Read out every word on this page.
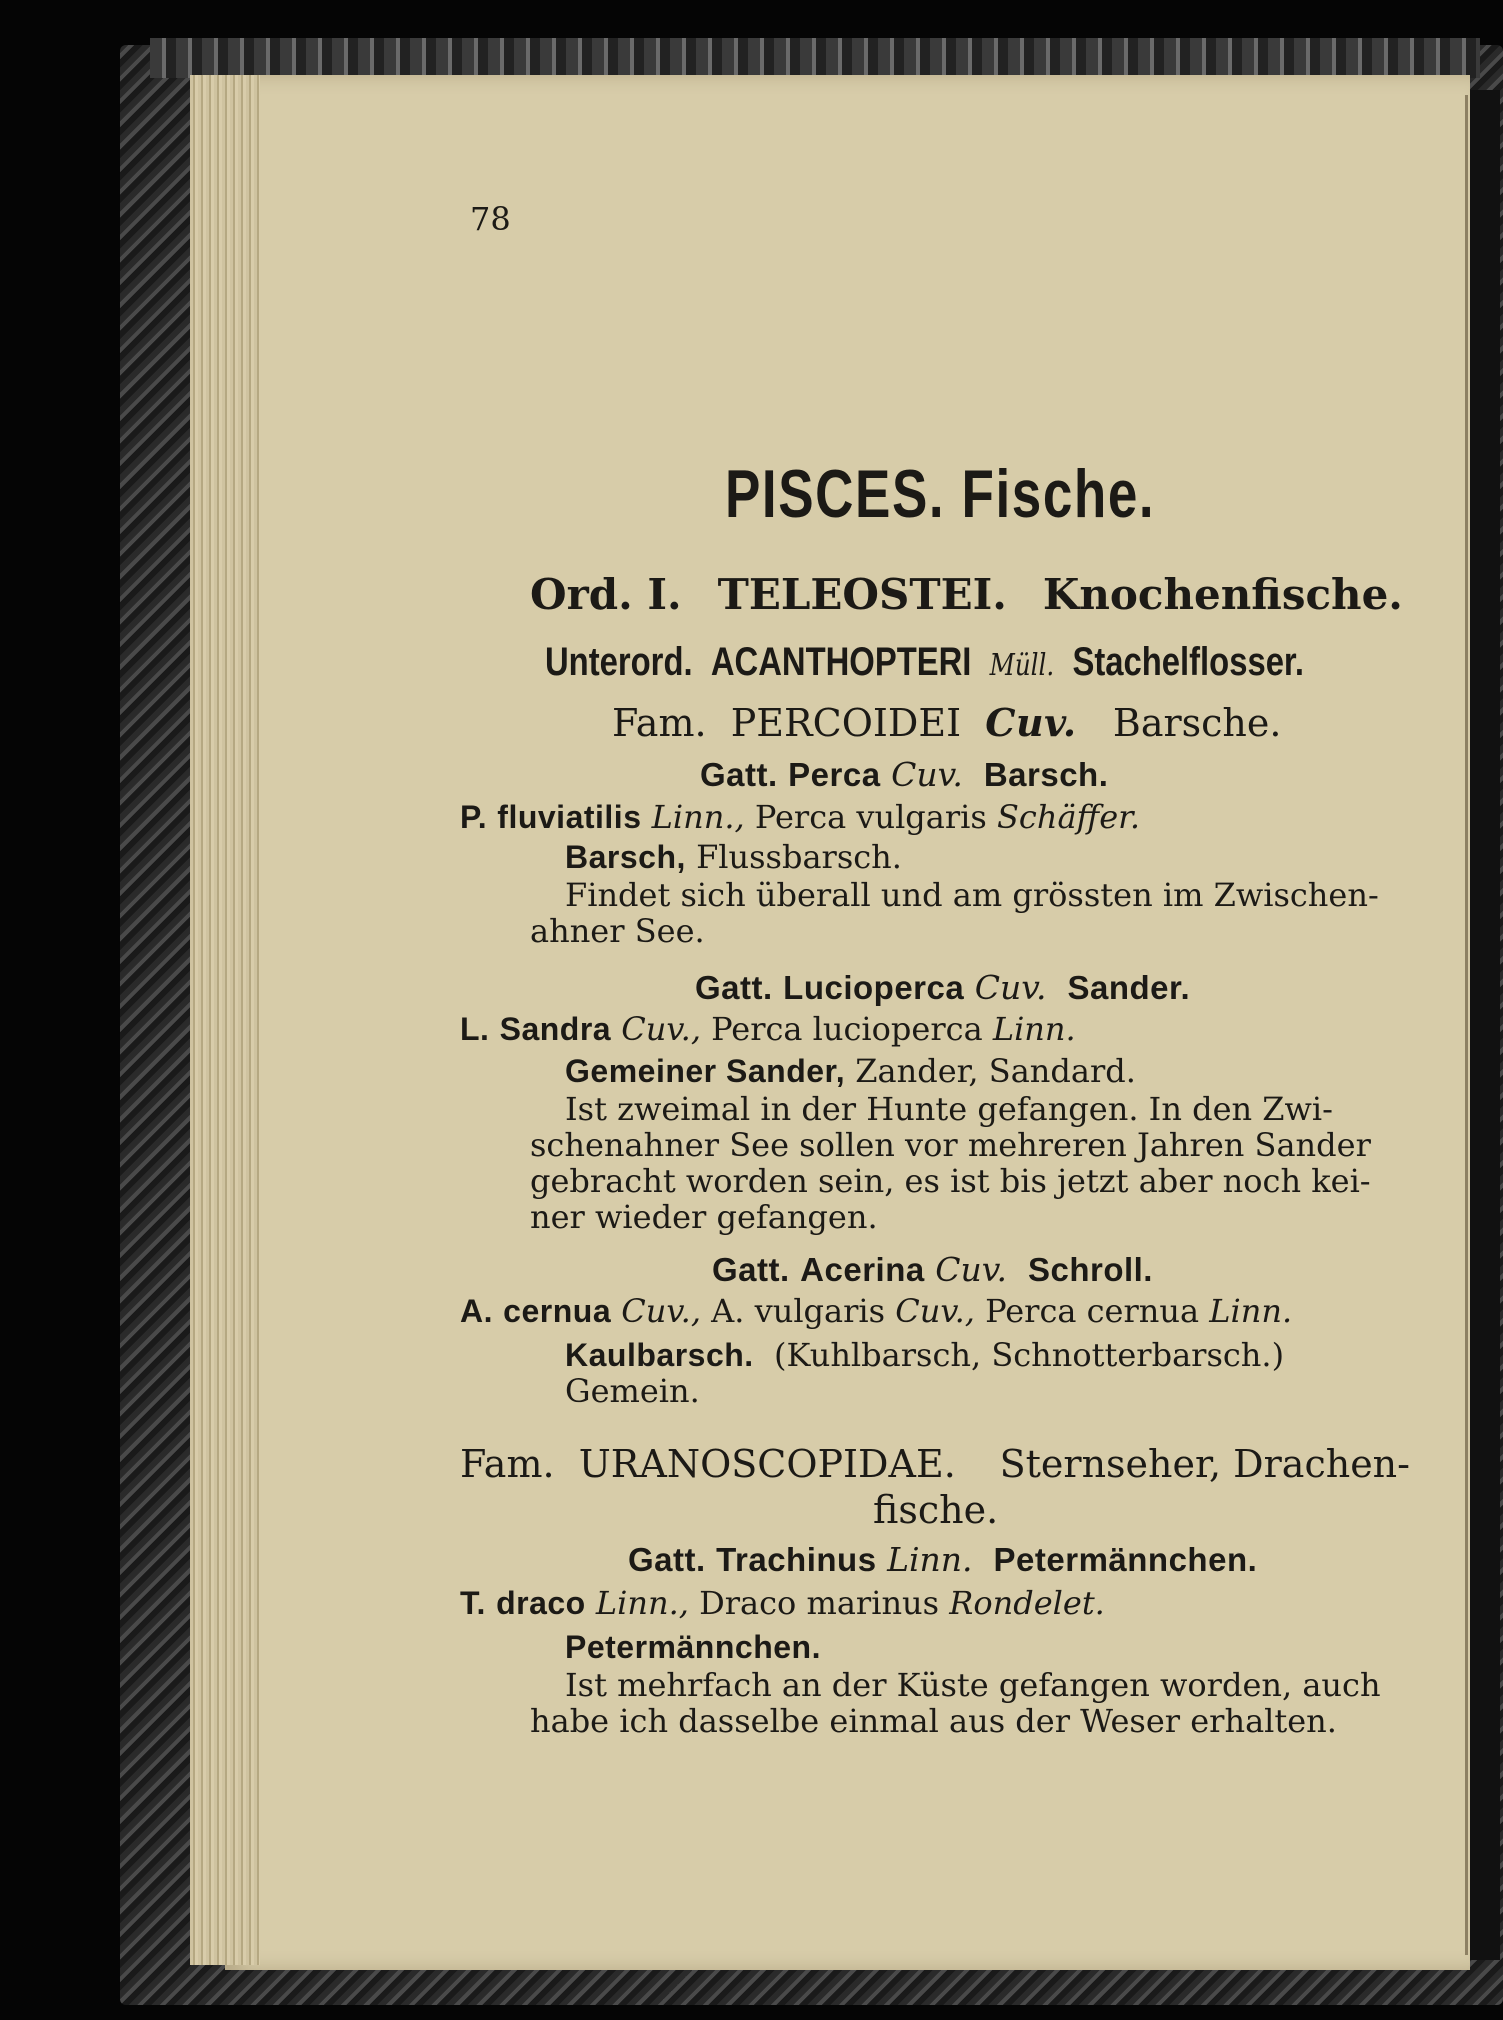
78
PISCES. Fische.
Ord. I. TELEOSTEI. Knochenfische.
Unterord. ACANTHOPTERI Müll. Stachelflosser.
Fam. PERCOIDEI Cuv. Barsche.
Gatt. Perca Cuv. Barsch.
P. fluviatilis Linn., Perca vulgaris Schäffer.
Barsch, Flussbarsch.
Findet sich überall und am grössten im Zwischen-
ahner See.
Gatt. Lucioperca Cuv. Sander.
L. Sandra Cuv., Perca lucioperca Linn.
Gemeiner Sander, Zander, Sandard.
Ist zweimal in der Hunte gefangen. In den Zwi-
schenahner See sollen vor mehreren Jahren Sander
gebracht worden sein, es ist bis jetzt aber noch kei-
ner wieder gefangen.
Gatt. Acerina Cuv. Schroll.
A. cernua Cuv., A. vulgaris Cuv., Perca cernua Linn.
Kaulbarsch. (Kuhlbarsch, Schnotterbarsch.)
Gemein.
Fam. URANOSCOPIDAE. Sternseher, Drachen-
fische.
Gatt. Trachinus Linn. Petermännchen.
T. draco Linn., Draco marinus Rondelet.
Petermännchen.
Ist mehrfach an der Küste gefangen worden, auch
habe ich dasselbe einmal aus der Weser erhalten.
